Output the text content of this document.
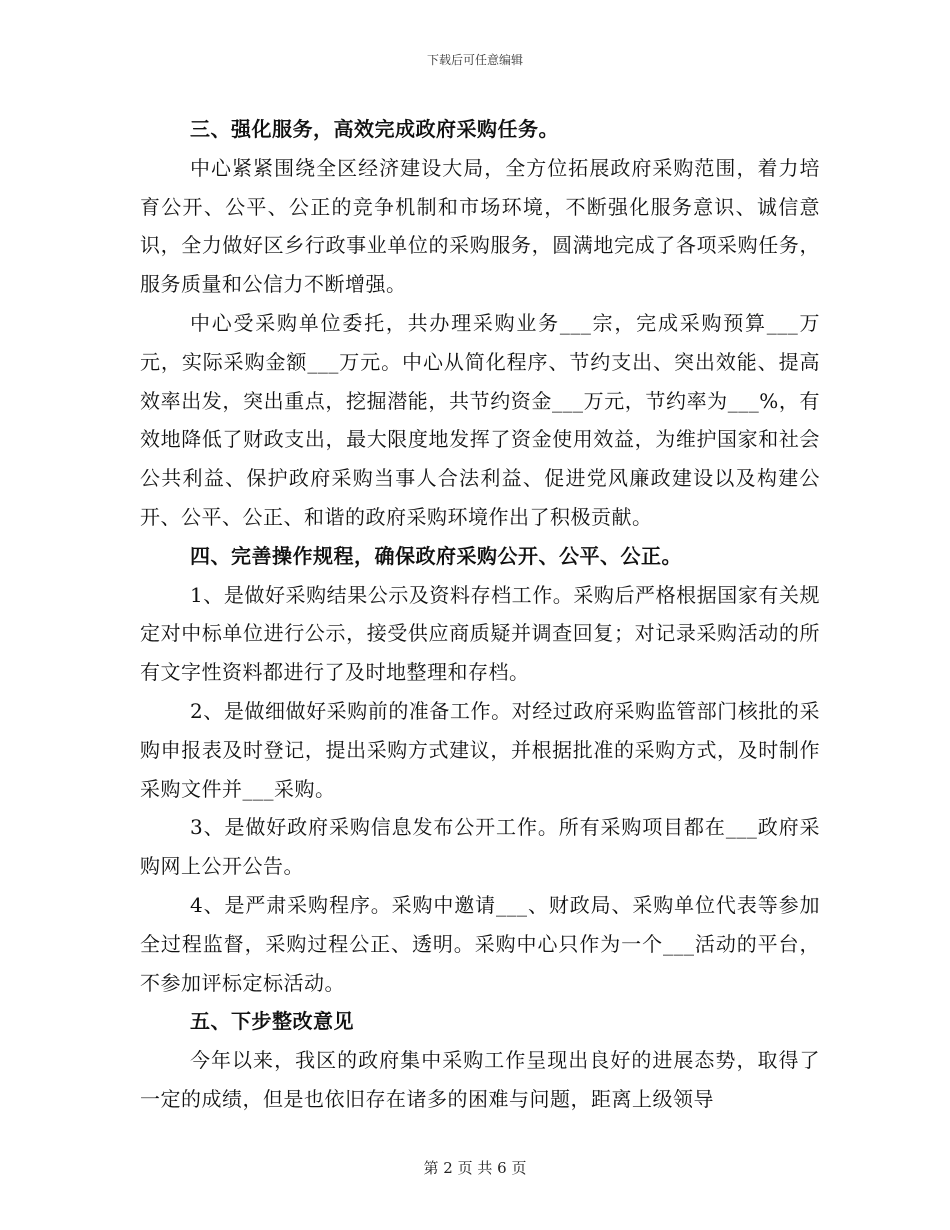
下载后可任意编辑

三、强化服务，高效完成政府采购任务。

中心紧紧围绕全区经济建设大局，全方位拓展政府采购范围，着力培育公开、公平、公正的竞争机制和市场环境，不断强化服务意识、诚信意识，全力做好区乡行政事业单位的采购服务，圆满地完成了各项采购任务，服务质量和公信力不断增强。

中心受采购单位委托，共办理采购业务___宗，完成采购预算___万元，实际采购金额___万元。中心从简化程序、节约支出、突出效能、提高效率出发，突出重点，挖掘潜能，共节约资金___万元，节约率为___%，有效地降低了财政支出，最大限度地发挥了资金使用效益，为维护国家和社会公共利益、保护政府采购当事人合法利益、促进党风廉政建设以及构建公开、公平、公正、和谐的政府采购环境作出了积极贡献。

四、完善操作规程，确保政府采购公开、公平、公正。

1、是做好采购结果公示及资料存档工作。采购后严格根据国家有关规定对中标单位进行公示，接受供应商质疑并调查回复；对记录采购活动的所有文字性资料都进行了及时地整理和存档。

2、是做细做好采购前的准备工作。对经过政府采购监管部门核批的采购申报表及时登记，提出采购方式建议，并根据批准的采购方式，及时制作采购文件并___采购。

3、是做好政府采购信息发布公开工作。所有采购项目都在___政府采购网上公开公告。

4、是严肃采购程序。采购中邀请___、财政局、采购单位代表等参加全过程监督，采购过程公正、透明。采购中心只作为一个___活动的平台，不参加评标定标活动。

五、下步整改意见

今年以来，我区的政府集中采购工作呈现出良好的进展态势，取得了一定的成绩，但是也依旧存在诸多的困难与问题，距离上级领导

第 2 页 共 6 页
